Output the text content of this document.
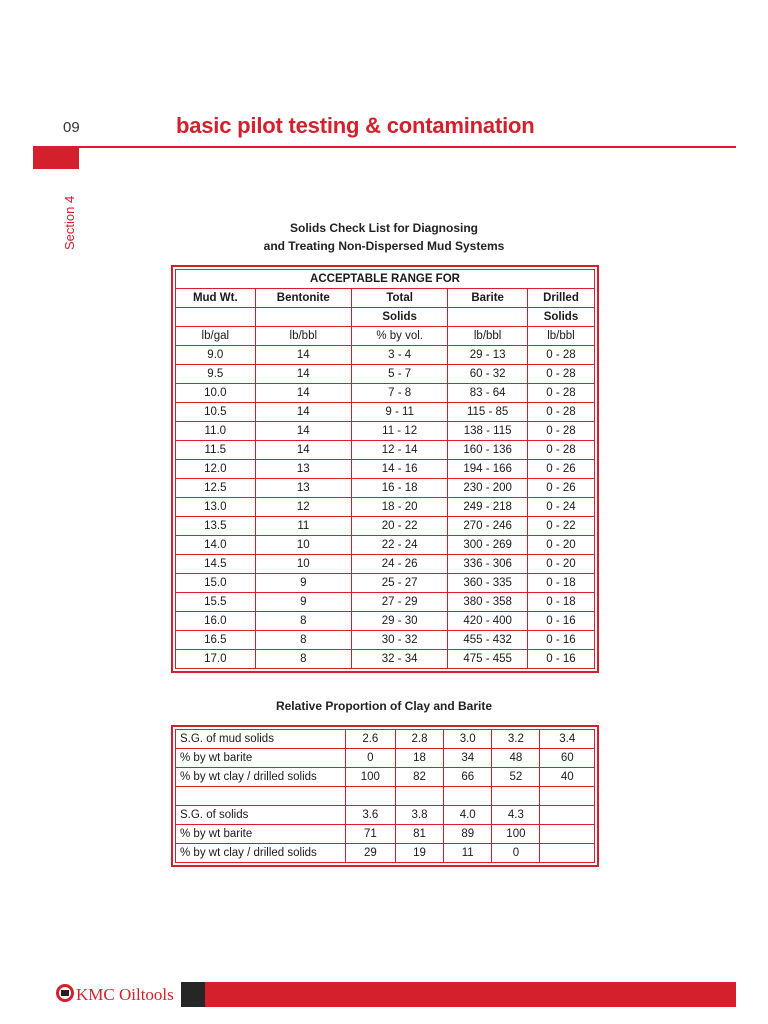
09	basic pilot testing & contamination
Section 4	Solids Check List for Diagnosing
and Treating Non-Dispersed Mud Systems
ACCEPTABLE RANGE FOR				
Mud Wt.	Bentonite	Total	Barite	Drilled
		Solids		Solids
lb/gal	lb/bbl	% by vol.	lb/bbl	lb/bbl
9.0	14	3 - 4	29 - 13	0 - 28
9.5	14	5 - 7	60 - 32	0 - 28
10.0	14	7 - 8	83 - 64	0 - 28
10.5	14	9 - 11	115 - 85	0 - 28
11.0	14	11 - 12	138 - 115	0 - 28
11.5	14	12 - 14	160 - 136	0 - 28
12.0	13	14 - 16	194 - 166	0 - 26
12.5	13	16 - 18	230 - 200	0 - 26
13.0	12	18 - 20	249 - 218	0 - 24
13.5	11	20 - 22	270 - 246	0 - 22
14.0	10	22 - 24	300 - 269	0 - 20
14.5	10	24 - 26	336 - 306	0 - 20
15.0	9	25 - 27	360 - 335	0 - 18
15.5	9	27 - 29	380 - 358	0 - 18
16.0	8	29 - 30	420 - 400	0 - 16
16.5	8	30 - 32	455 - 432	0 - 16
17.0	8	32 - 34	475 - 455	0 - 16
Relative Proportion of Clay and Barite
S.G. of mud solids	2.6	2.8	3.0	3.2	3.4
% by wt barite	0	18	34	48	60
% by wt clay / drilled solids	100	82	66	52	40

S.G. of solids	3.6	3.8	4.0	4.3	
% by wt barite	71	81	89	100	
% by wt clay / drilled solids	29	19	11	0	
KMC Oiltools
